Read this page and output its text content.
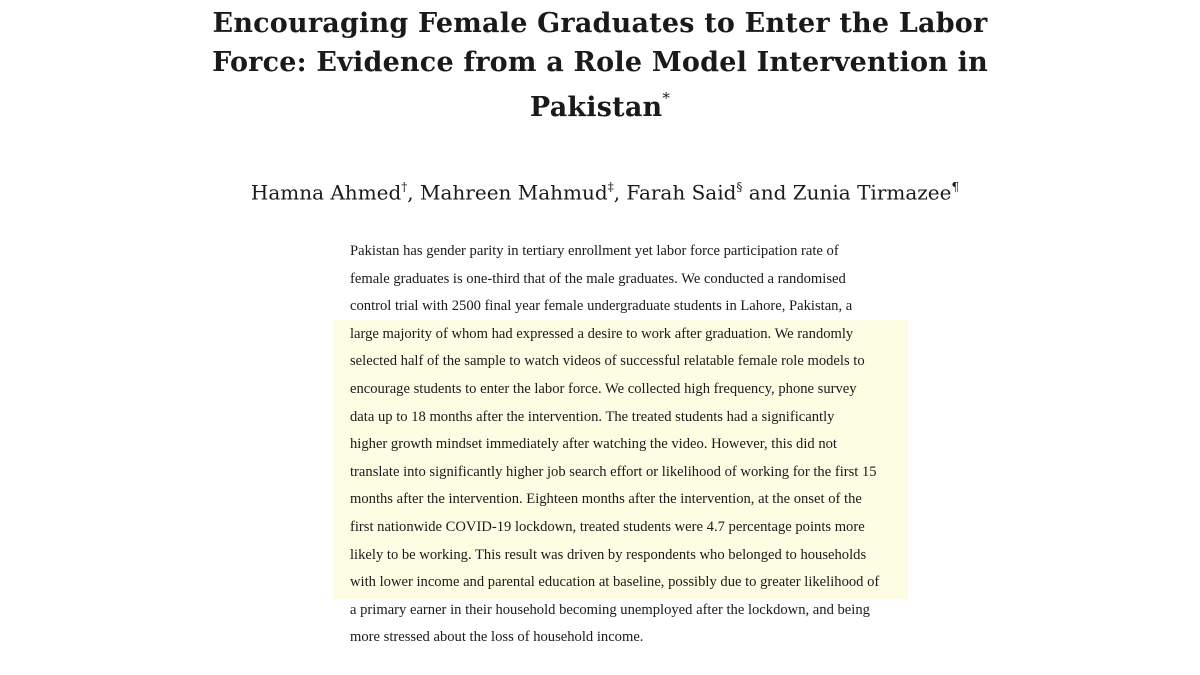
Encouraging Female Graduates to Enter the Labor
Force: Evidence from a Role Model Intervention in
Pakistan*
Hamna Ahmed†, Mahreen Mahmud‡, Farah Said§ and Zunia Tirmazee¶
Pakistan has gender parity in tertiary enrollment yet labor force participation rate of
female graduates is one-third that of the male graduates. We conducted a randomised
control trial with 2500 final year female undergraduate students in Lahore, Pakistan, a
large majority of whom had expressed a desire to work after graduation. We randomly
selected half of the sample to watch videos of successful relatable female role models to
encourage students to enter the labor force. We collected high frequency, phone survey
data up to 18 months after the intervention. The treated students had a significantly
higher growth mindset immediately after watching the video. However, this did not
translate into significantly higher job search effort or likelihood of working for the first 15
months after the intervention. Eighteen months after the intervention, at the onset of the
first nationwide COVID-19 lockdown, treated students were 4.7 percentage points more
likely to be working. This result was driven by respondents who belonged to households
with lower income and parental education at baseline, possibly due to greater likelihood of
a primary earner in their household becoming unemployed after the lockdown, and being
more stressed about the loss of household income.
